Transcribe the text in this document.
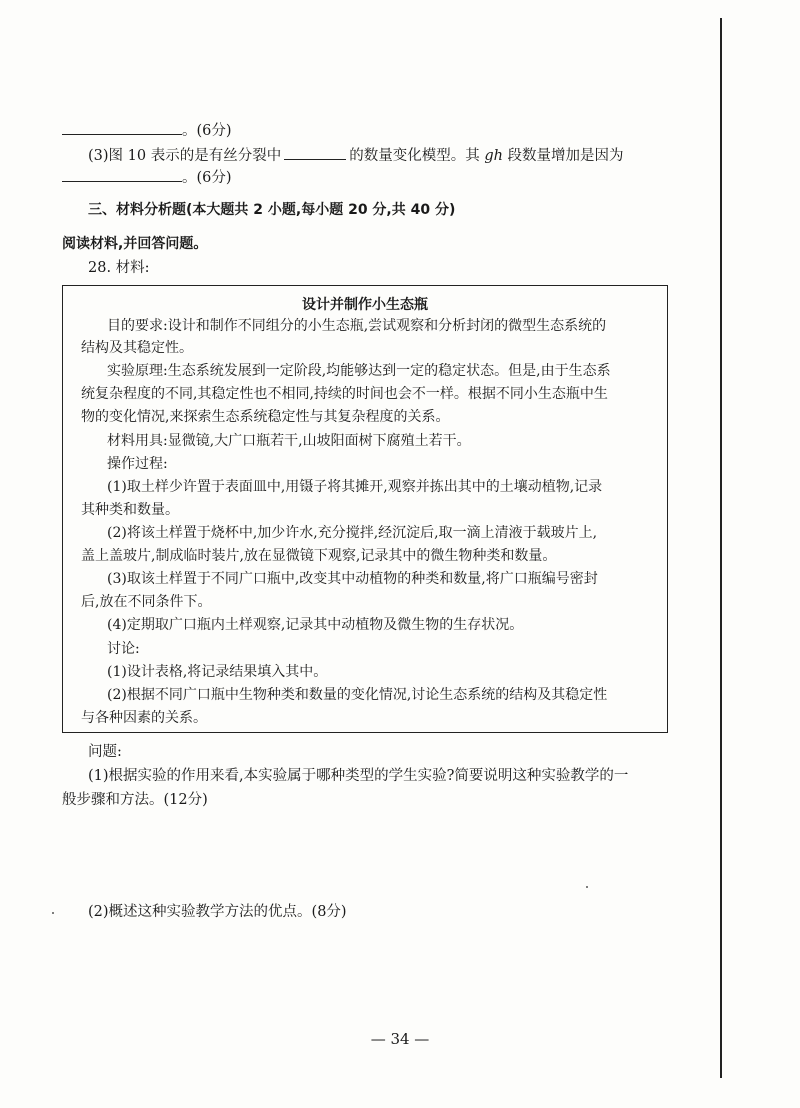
。(6分)
(3)图 10 表示的是有丝分裂中	的数量变化模型。其 gh 段数量增加是因为
。(6分)
三、材料分析题(本大题共 2 小题,每小题 20 分,共 40 分)
阅读材料,并回答问题。
28. 材料:
设计并制作小生态瓶
目的要求:设计和制作不同组分的小生态瓶,尝试观察和分析封闭的微型生态系统的
结构及其稳定性。
实验原理:生态系统发展到一定阶段,均能够达到一定的稳定状态。但是,由于生态系
统复杂程度的不同,其稳定性也不相同,持续的时间也会不一样。根据不同小生态瓶中生
物的变化情况,来探索生态系统稳定性与其复杂程度的关系。
材料用具:显微镜,大广口瓶若干,山坡阳面树下腐殖土若干。
操作过程:
(1)取土样少许置于表面皿中,用镊子将其摊开,观察并拣出其中的土壤动植物,记录
其种类和数量。
(2)将该土样置于烧杯中,加少许水,充分搅拌,经沉淀后,取一滴上清液于载玻片上,
盖上盖玻片,制成临时装片,放在显微镜下观察,记录其中的微生物种类和数量。
(3)取该土样置于不同广口瓶中,改变其中动植物的种类和数量,将广口瓶编号密封
后,放在不同条件下。
(4)定期取广口瓶内土样观察,记录其中动植物及微生物的生存状况。
讨论:
(1)设计表格,将记录结果填入其中。
(2)根据不同广口瓶中生物种类和数量的变化情况,讨论生态系统的结构及其稳定性
与各种因素的关系。
问题:
(1)根据实验的作用来看,本实验属于哪种类型的学生实验?简要说明这种实验教学的一
般步骤和方法。(12分)
(2)概述这种实验教学方法的优点。(8分)
— 34 —
